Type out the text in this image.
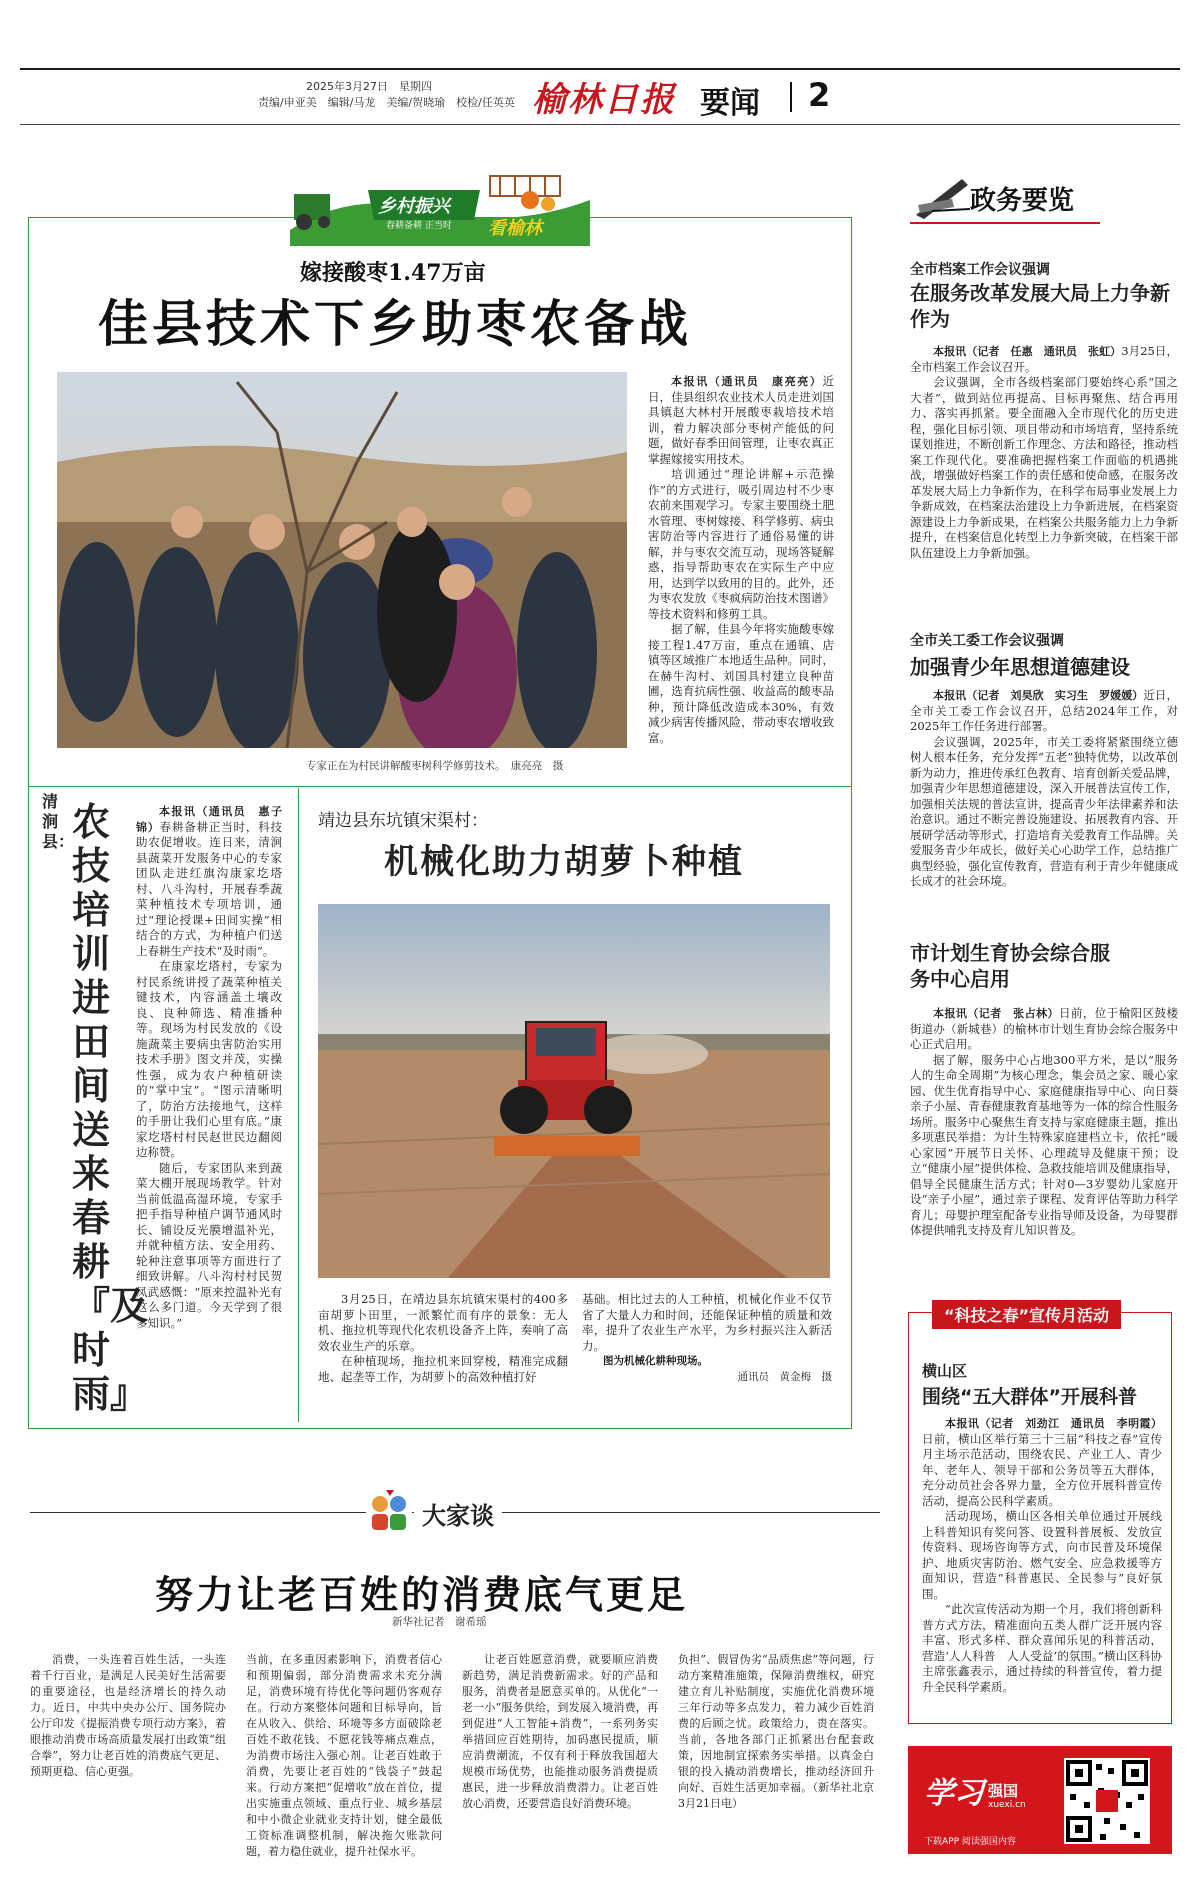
2025年3月27日　星期四
责编/申亚美　编辑/马龙　美编/贺晓瑜　校检/任英英 榆林日报 要闻 2
乡村振兴
看榆林
春耕备耕 正当时
嫁接酸枣1.47万亩
佳县技术下乡助枣农备战
专家正在为村民讲解酸枣树科学修剪技术。　 康亮亮　摄

本报讯（通讯员　康亮亮）近日，佳县组织农业技术人员走进刘国具镇赵大林村开展酸枣栽培技术培训，着力解决部分枣树产能低的问题，做好春季田间管理，让枣农真正掌握嫁接实用技术。

培训通过“理论讲解+示范操作”的方式进行，吸引周边村不少枣农前来围观学习。专家主要围绕土肥水管理、枣树嫁接、科学修剪、病虫害防治等内容进行了通俗易懂的讲解，并与枣农交流互动，现场答疑解惑，指导帮助枣农在实际生产中应用，达到学以致用的目的。此外，还为枣农发放《枣疯病防治技术图谱》等技术资料和修剪工具。

据了解，佳县今年将实施酸枣嫁接工程1.47万亩，重点在通镇、店镇等区域推广本地适生品种。同时，在赫牛沟村、刘国具村建立良种苗圃，选育抗病性强、收益高的酸枣品种，预计降低改造成本30%，有效减少病害传播风险，带动枣农增收致富。

清涧县：
农技培训进田间　送来春耕『及时雨』

本报讯（通讯员　惠子锦）春耕备耕正当时，科技助农促增收。连日来，清涧县蔬菜开发服务中心的专家团队走进红旗沟康家圪塔村、八斗沟村，开展春季蔬菜种植技术专项培训，通过“理论授课+田间实操”相结合的方式，为种植户们送上春耕生产技术“及时雨”。

在康家圪塔村，专家为村民系统讲授了蔬菜种植关键技术，内容涵盖土壤改良、良种筛选、精准播种等。现场为村民发放的《设施蔬菜主要病虫害防治实用技术手册》图文并茂，实操性强，成为农户种植研读的“掌中宝”。“图示清晰明了，防治方法接地气，这样的手册让我们心里有底。”康家圪塔村村民赵世民边翻阅边称赞。

随后，专家团队来到蔬菜大棚开展现场教学。针对当前低温高湿环境，专家手把手指导种植户调节通风时长、铺设反光膜增温补光，并就种植方法、安全用药、轮种注意事项等方面进行了细致讲解。八斗沟村村民贺凤武感慨：“原来控温补光有这么多门道。今天学到了很多知识。”

靖边县东坑镇宋渠村：
机械化助力胡萝卜种植

3月25日，在靖边县东坑镇宋渠村的400多亩胡萝卜田里，一派繁忙而有序的景象：无人机、拖拉机等现代化农机设备齐上阵，奏响了高效农业生产的乐章。

在种植现场，拖拉机来回穿梭，精准完成翻地、起垄等工作，为胡萝卜的高效种植打好

基础。相比过去的人工种植，机械化作业不仅节省了大量人力和时间，还能保证种植的质量和效率，提升了农业生产水平，为乡村振兴注入新活力。

图为机械化耕种现场。

通讯员　黄金梅　摄

政务要览
全市档案工作会议强调
在服务改革发展大局上力争新作为

本报讯（记者　任惠　通讯员　张虹）3月25日，全市档案工作会议召开。

会议强调，全市各级档案部门要始终心系“国之大者”，做到站位再提高、目标再聚焦、结合再用力、落实再抓紧。要全面融入全市现代化的历史进程，强化目标引领、项目带动和市场培育，坚持系统谋划推进，不断创新工作理念、方法和路径，推动档案工作现代化。要准确把握档案工作面临的机遇挑战，增强做好档案工作的责任感和使命感，在服务改革发展大局上力争新作为，在科学布局事业发展上力争新成效，在档案法治建设上力争新进展，在档案资源建设上力争新成果，在档案公共服务能力上力争新提升，在档案信息化转型上力争新突破，在档案干部队伍建设上力争新加强。

全市关工委工作会议强调
加强青少年思想道德建设

本报讯（记者　刘昊欣　实习生　罗媛媛）近日，全市关工委工作会议召开，总结2024年工作，对2025年工作任务进行部署。

会议强调，2025年，市关工委将紧紧围绕立德树人根本任务，充分发挥“五老”独特优势，以改革创新为动力，推进传承红色教育、培育创新关爱品牌，加强青少年思想道德建设，深入开展普法宣传工作，加强相关法规的普法宣讲，提高青少年法律素养和法治意识。通过不断完善设施建设、拓展教育内容、开展研学活动等形式，打造培育关爱教育工作品牌。关爱服务青少年成长，做好关心心助学工作，总结推广典型经验，强化宣传教育，营造有利于青少年健康成长成才的社会环境。

市计划生育协会综合服务中心启用

本报讯（记者　张占林）日前，位于榆阳区鼓楼街道办（新城巷）的榆林市计划生育协会综合服务中心正式启用。

据了解，服务中心占地300平方米，是以“服务人的生命全周期”为核心理念，集会员之家、暖心家园、优生优育指导中心、家庭健康指导中心、向日葵亲子小屋、青春健康教育基地等为一体的综合性服务场所。服务中心聚焦生育支持与家庭健康主题，推出多项惠民举措：为计生特殊家庭建档立卡，依托“暖心家园”开展节日关怀、心理疏导及健康干预；设立“健康小屋”提供体检、急救技能培训及健康指导，倡导全民健康生活方式；针对0—3岁婴幼儿家庭开设“亲子小屋”，通过亲子课程、发育评估等助力科学育儿；母婴护理室配备专业指导师及设备，为母婴群体提供哺乳支持及育儿知识普及。

“科技之春”宣传月活动
横山区
围绕“五大群体”开展科普

本报讯（记者　刘劲江　通讯员　李明霞）日前，横山区举行第三十三届“科技之春”宣传月主场示范活动，围绕农民、产业工人、青少年、老年人、领导干部和公务员等五大群体，充分动员社会各界力量，全方位开展科普宣传活动，提高公民科学素质。

活动现场，横山区各相关单位通过开展线上科普知识有奖问答、设置科普展板、发放宣传资料、现场咨询等方式，向市民普及环境保护、地质灾害防治、燃气安全、应急救援等方面知识，营造“科普惠民、全民参与”良好氛围。

“此次宣传活动为期一个月，我们将创新科普方式方法，精准面向五类人群广泛开展内容丰富、形式多样、群众喜闻乐见的科普活动，营造‘人人科普　人人受益’的氛围。”横山区科协主席张鑫表示，通过持续的科普宣传，着力提升全民科学素质。

学习 强国
xuexi.cn
下载APP 阅读强国内容
大家谈
努力让老百姓的消费底气更足
新华社记者　谢希瑶

消费，一头连着百姓生活，一头连着千行百业，是满足人民美好生活需要的重要途径，也是经济增长的持久动力。近日，中共中央办公厅、国务院办公厅印发《提振消费专项行动方案》，着眼推动消费市场高质量发展打出政策“组合拳”，努力让老百姓的消费底气更足、预期更稳、信心更强。

当前，在多重因素影响下，消费者信心和预期偏弱，部分消费需求未充分满足，消费环境有待优化等问题仍客观存在。行动方案整体问题和目标导向，旨在从收入、供给、环境等多方面破除老百姓不敢花钱、不愿花钱等痛点难点，为消费市场注入强心剂。让老百姓敢于消费，先要让老百姓的“钱袋子”鼓起来。行动方案把“促增收”放在首位，提出实施重点领域、重点行业、城乡基层和中小微企业就业支持计划，健全最低工资标准调整机制，解决拖欠账款问题，着力稳住就业，提升社保水平。

让老百姓愿意消费，就要顺应消费新趋势，满足消费新需求。好的产品和服务，消费者是愿意买单的。从优化“一老一小”服务供给，到发展入境消费，再到促进“人工智能+消费”，一系列务实举措回应百姓期待，加码惠民提质，顺应消费潮流，不仅有利于释放我国超大规模市场优势，也能推动服务消费提质惠民，进一步释放消费潜力。让老百姓放心消费，还要营造良好消费环境。

负担”、假冒伪劣“品质焦虑”等问题，行动方案精准施策，保障消费维权，研究建立育儿补贴制度，实施优化消费环境三年行动等多点发力，着力减少百姓消费的后顾之忧。政策给力，贵在落实。当前，各地各部门正抓紧出台配套政策，因地制宜探索务实举措。以真金白银的投入撬动消费增长，推动经济回升向好、百姓生活更加幸福。（新华社北京3月21日电）
